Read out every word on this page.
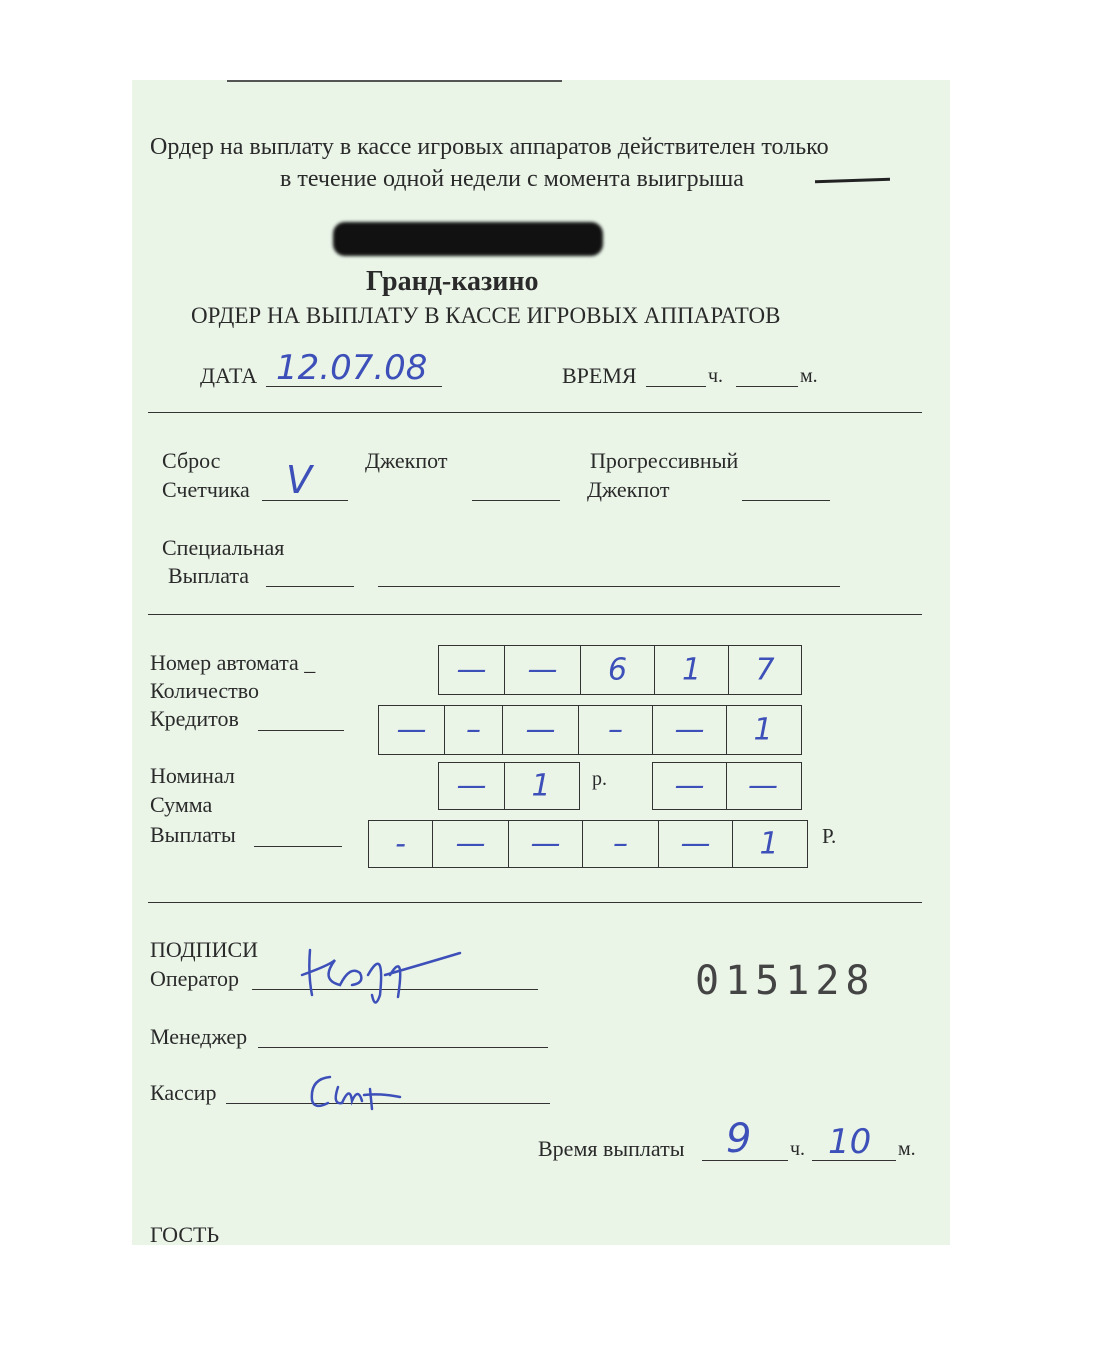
Ордер на выплату в кассе игровых аппаратов действителен только
в течение одной недели с момента выигрыша
Гранд-казино
ОРДЕР НА ВЫПЛАТУ В КАССЕ ИГРОВЫХ АППАРАТОВ
ДАТА 12.07.08	ВРЕМЯ	ч.	м.
Сброс
Счетчика V Джекпот	Прогрессивный
Джекпот
Специальная
Выплата
Номер автомата _	—	—	6	1	7
Количество
Кредитов	—	–	—	–	—	1
Номинал	—	1	р.	—	—
Сумма
Выплаты	-	—	—	–	—	1	Р.
ПОДПИСИ
Оператор	015128
Менеджер
Кассир
Время выплаты 9 ч. 10 м.
ГОСТЬ
